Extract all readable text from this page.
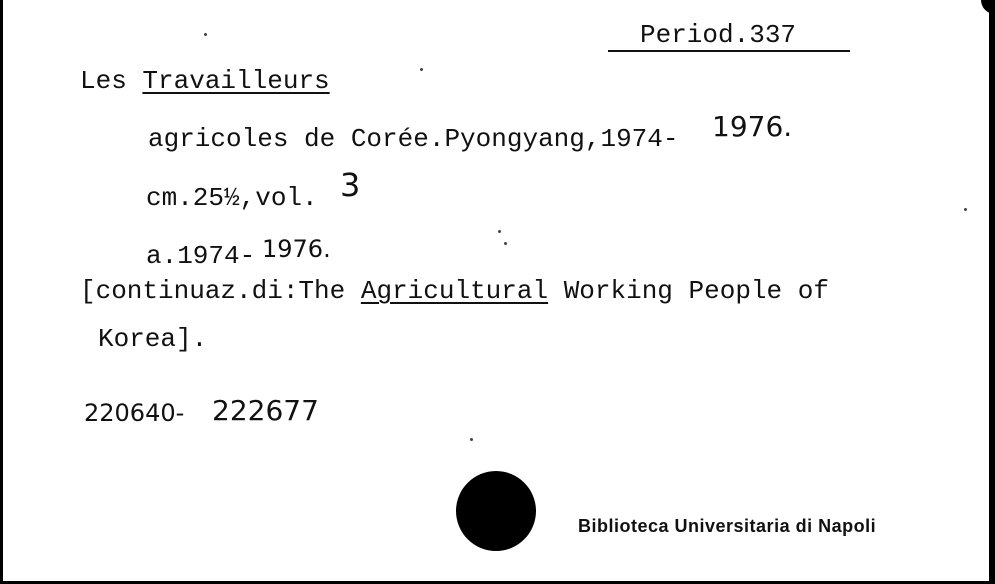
Period.337
Les Travailleurs
agricoles de Corée.Pyongyang,1974- 1976.
cm.25½,vol. 3
a.1974- 1976.
[continuaz.di:The Agricultural Working People of
Korea].
220640- 222677
Biblioteca Universitaria di Napoli
